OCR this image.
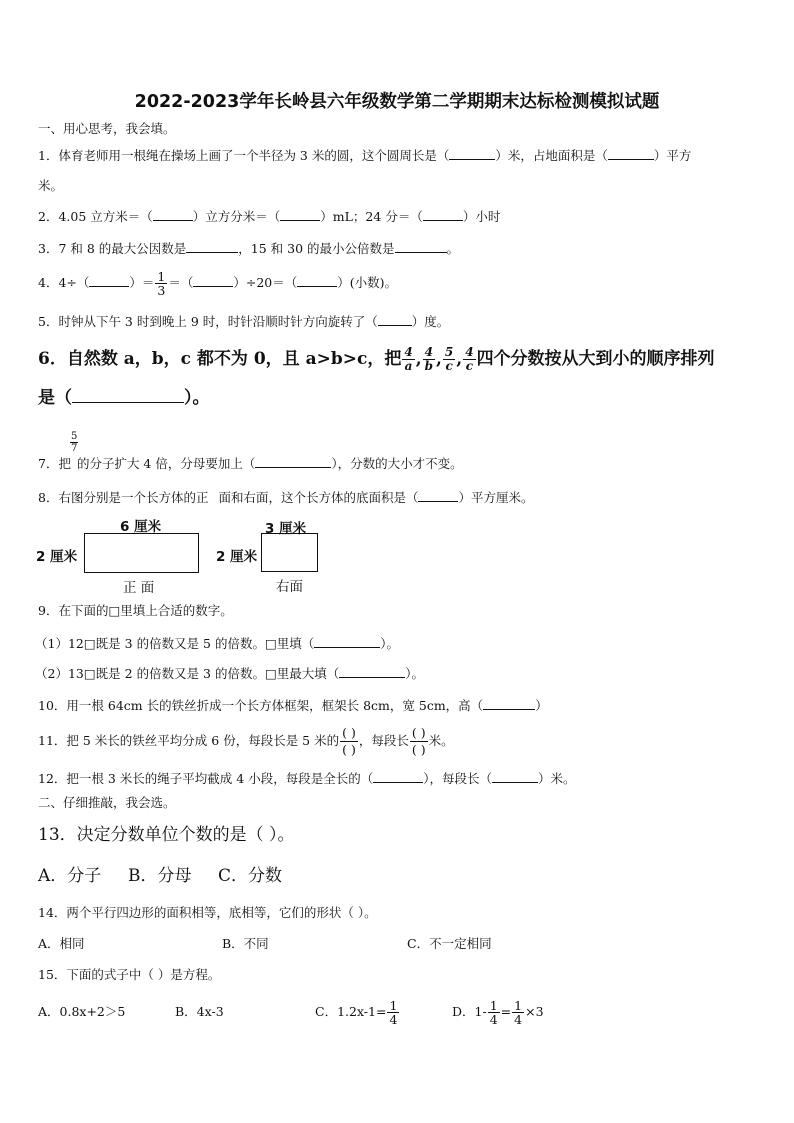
2022-2023学年长岭县六年级数学第二学期期末达标检测模拟试题
一、用心思考，我会填。
1．体育老师用一根绳在操场上画了一个半径为 3 米的圆，这个圆周长是（	）米，占地面积是（	）平方
米。
2．4.05 立方米＝（	）立方分米＝（	）mL；24 分＝（	）小时
3．7 和 8 的最大公因数是	，15 和 30 的最小公倍数是	。
4．4÷（	）＝ $\frac{1}{3}$ ＝（	）÷20＝（	）(小数)。
5．时钟从下午 3 时到晚上 9 时，时针沿顺时针方向旋转了（	）度。
6．自然数 a，b，c 都不为 0，且 a>b>c，把 $\frac{4}{a}$ , $\frac{4}{b}$ , $\frac{5}{c}$ , $\frac{4}{c}$ 四个分数按从大到小的顺序排列
是（	）。
$\frac{5}{7}$
7．把 的分子扩大 4 倍，分母要加上（	），分数的大小才不变。
8．右图分别是一个长方体的正 面和右面，这个长方体的底面积是（	）平方厘米。
6 厘米
2 厘米
正 面
3 厘米
2 厘米
右面
9．在下面的□里填上合适的数字。
（1）12□既是 3 的倍数又是 5 的倍数。□里填（	）。
（2）13□既是 2 的倍数又是 3 的倍数。□里最大填（	）。
10．用一根 64cm 长的铁丝折成一个长方体框架，框架长 8cm，宽 5cm，高（	）
11．把 5 米长的铁丝平均分成 6 份，每段长是 5 米的 $\frac{( )}{( )}$ ，每段长 $\frac{( )}{( )}$ 米。
12．把一根 3 米长的绳子平均截成 4 小段，每段是全长的（	），每段长（	）米。
二、仔细推敲，我会选。
13．决定分数单位个数的是（ ）。
A．分子 B．分母 C．分数
14．两个平行四边形的面积相等，底相等，它们的形状（ ）。
A．相同	B．不同	C．不一定相同
15．下面的式子中（ ）是方程。
A．0.8x+2＞5	B．4x-3	C．$1.2x-1= \frac{1}{4}$	D．$1- \frac{1}{4} = \frac{1}{4} \times 3$
